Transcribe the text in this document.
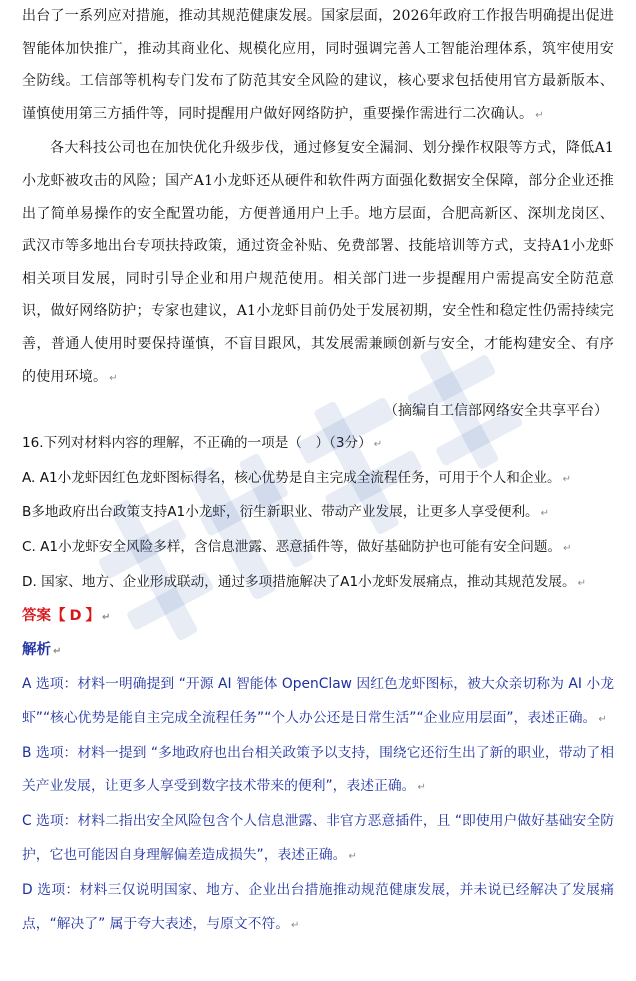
出台了一系列应对措施，推动其规范健康发展。国家层面，2026年政府工作报告明确提出促进智能体加快推广，推动其商业化、规模化应用，同时强调完善人工智能治理体系，筑牢使用安全防线。工信部等机构专门发布了防范其安全风险的建议，核心要求包括使用官方最新版本、谨慎使用第三方插件等，同时提醒用户做好网络防护，重要操作需进行二次确认。 ↵

各大科技公司也在加快优化升级步伐，通过修复安全漏洞、划分操作权限等方式，降低A1小龙虾被攻击的风险；国产A1小龙虾还从硬件和软件两方面强化数据安全保障，部分企业还推出了简单易操作的安全配置功能，方便普通用户上手。地方层面，合肥高新区、深圳龙岗区、武汉市等多地出台专项扶持政策，通过资金补贴、免费部署、技能培训等方式，支持A1小龙虾相关项目发展，同时引导企业和用户规范使用。相关部门进一步提醒用户需提高安全防范意识，做好网络防护；专家也建议，A1小龙虾目前仍处于发展初期，安全性和稳定性仍需持续完善，普通人使用时要保持谨慎，不盲目跟风，其发展需兼顾创新与安全，才能构建安全、有序的使用环境。 ↵

（摘编自工信部网络安全共享平台）

16.下列对材料内容的理解，不正确的一项是（　）（3分） ↵

A. A1小龙虾因红色龙虾图标得名，核心优势是自主完成全流程任务，可用于个人和企业。 ↵

B多地政府出台政策支持A1小龙虾，衍生新职业、带动产业发展，让更多人享受便利。 ↵

C. A1小龙虾安全风险多样，含信息泄露、恶意插件等，做好基础防护也可能有安全问题。 ↵

D. 国家、地方、企业形成联动，通过多项措施解决了A1小龙虾发展痛点，推动其规范发展。 ↵

答案【 D 】 ↵

解析 ↵

A 选项：材料一明确提到 “开源 AI 智能体 OpenClaw 因红色龙虾图标，被大众亲切称为 AI 小龙虾”“核心优势是能自主完成全流程任务”“个人办公还是日常生活”“企业应用层面”，表述正确。 ↵

B 选项：材料一提到 “多地政府也出台相关政策予以支持，围绕它还衍生出了新的职业，带动了相关产业发展，让更多人享受到数字技术带来的便利”，表述正确。 ↵

C 选项：材料二指出安全风险包含个人信息泄露、非官方恶意插件，且 “即使用户做好基础安全防护，它也可能因自身理解偏差造成损失”，表述正确。 ↵

D 选项：材料三仅说明国家、地方、企业出台措施推动规范健康发展，并未说已经解决了发展痛点，“解决了” 属于夸大表述，与原文不符。 ↵
